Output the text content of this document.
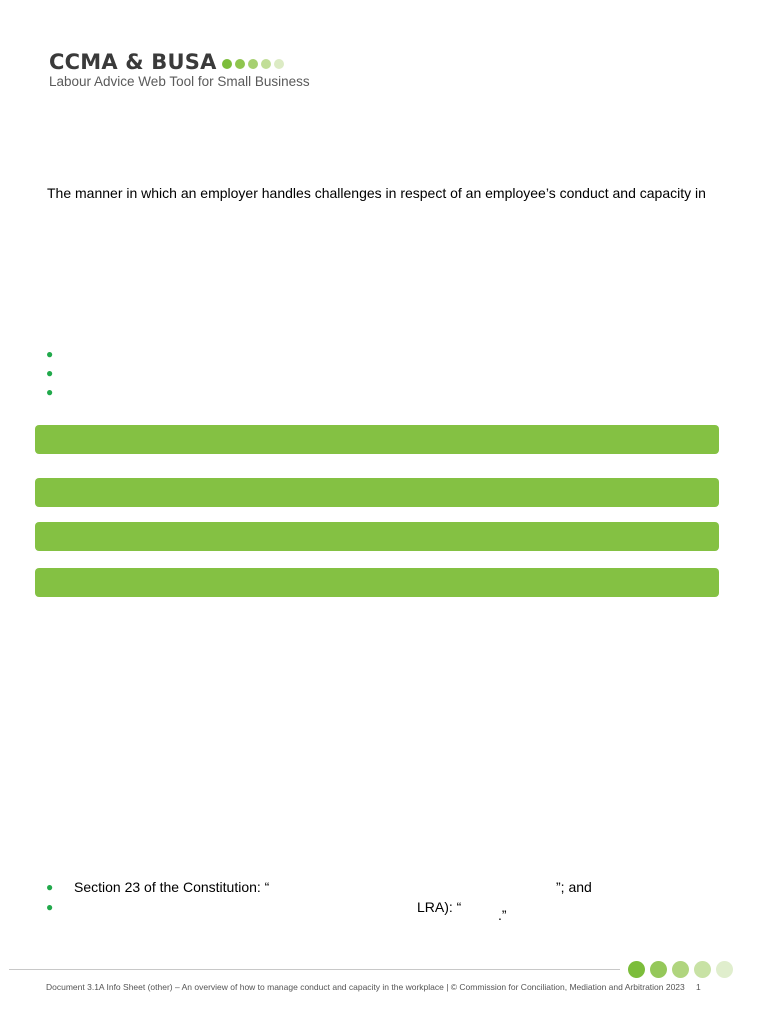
CCMA & BUSA
Labour Advice Web Tool for Small Business
The manner in which an employer handles challenges in respect of an employee’s conduct and capacity in
●
●
●
● Section 23 of the Constitution: “	”; and
●	LRA): “	.”
Document 3.1A Info Sheet (other) – An overview of how to manage conduct and capacity in the workplace | © Commission for Conciliation, Mediation and Arbitration 2023 1
